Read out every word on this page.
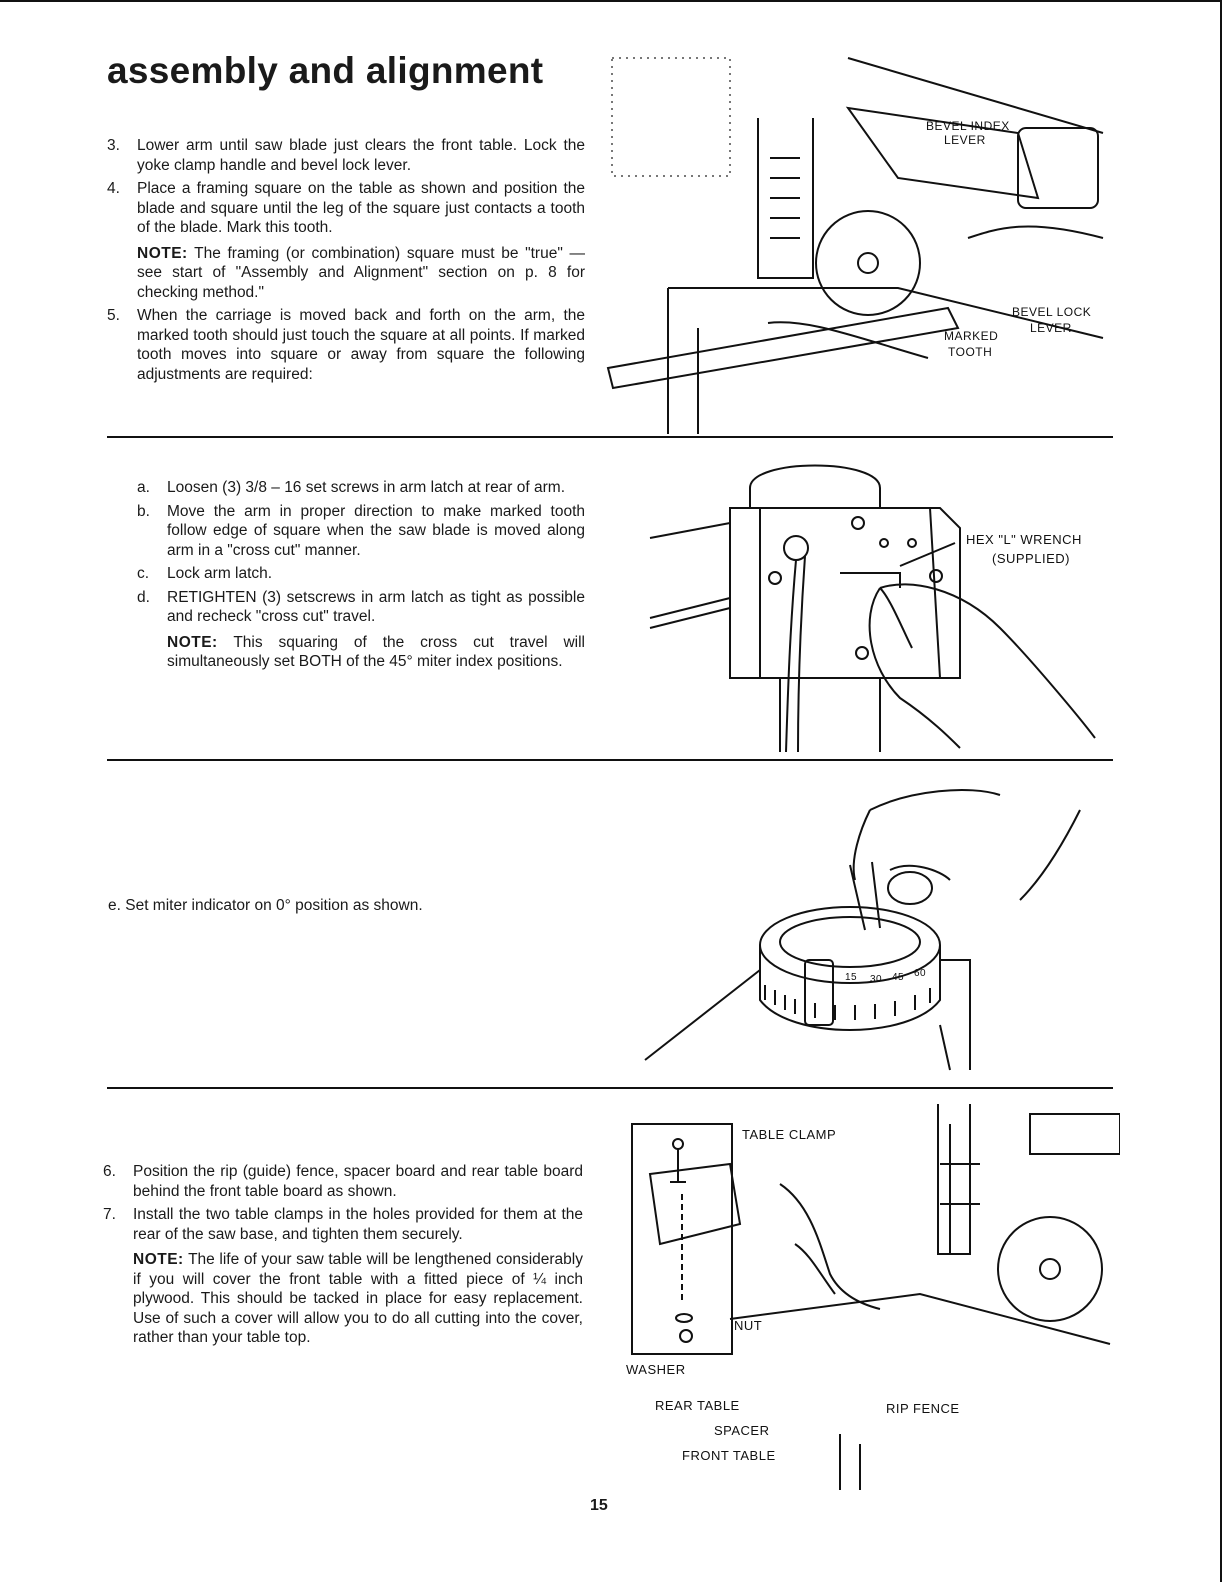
assembly and alignment
3. Lower arm until saw blade just clears the front table. Lock the yoke clamp handle and bevel lock lever.
4. Place a framing square on the table as shown and position the blade and square until the leg of the square just contacts a tooth of the blade. Mark this tooth.
NOTE: The framing (or combination) square must be "true" — see start of "Assembly and Alignment" section on p. 8 for checking method."
5. When the carriage is moved back and forth on the arm, the marked tooth should just touch the square at all points. If marked tooth moves into square or away from square the following adjustments are required:
BEVEL INDEX
LEVER
BEVEL LOCK
LEVER
MARKED
TOOTH
a. Loosen (3) 3/8 – 16 set screws in arm latch at rear of arm.
b. Move the arm in proper direction to make marked tooth follow edge of square when the saw blade is moved along arm in a "cross cut" manner.
c. Lock arm latch.
d. RETIGHTEN (3) setscrews in arm latch as tight as possible and recheck "cross cut" travel.
NOTE: This squaring of the cross cut travel will simultaneously set BOTH of the 45° miter index positions.
HEX "L" WRENCH
(SUPPLIED)

e. Set miter indicator on 0° position as shown.

15 30 45 60
6. Position the rip (guide) fence, spacer board and rear table board behind the front table board as shown.
7. Install the two table clamps in the holes provided for them at the rear of the saw base, and tighten them securely.
NOTE: The life of your saw table will be lengthened considerably if you will cover the front table with a fitted piece of ¼ inch plywood. This should be tacked in place for easy replacement. Use of such a cover will allow you to do all cutting into the cover, rather than your table top.
TABLE CLAMP
NUT
WASHER
REAR TABLE
SPACER
FRONT TABLE
RIP FENCE

15
